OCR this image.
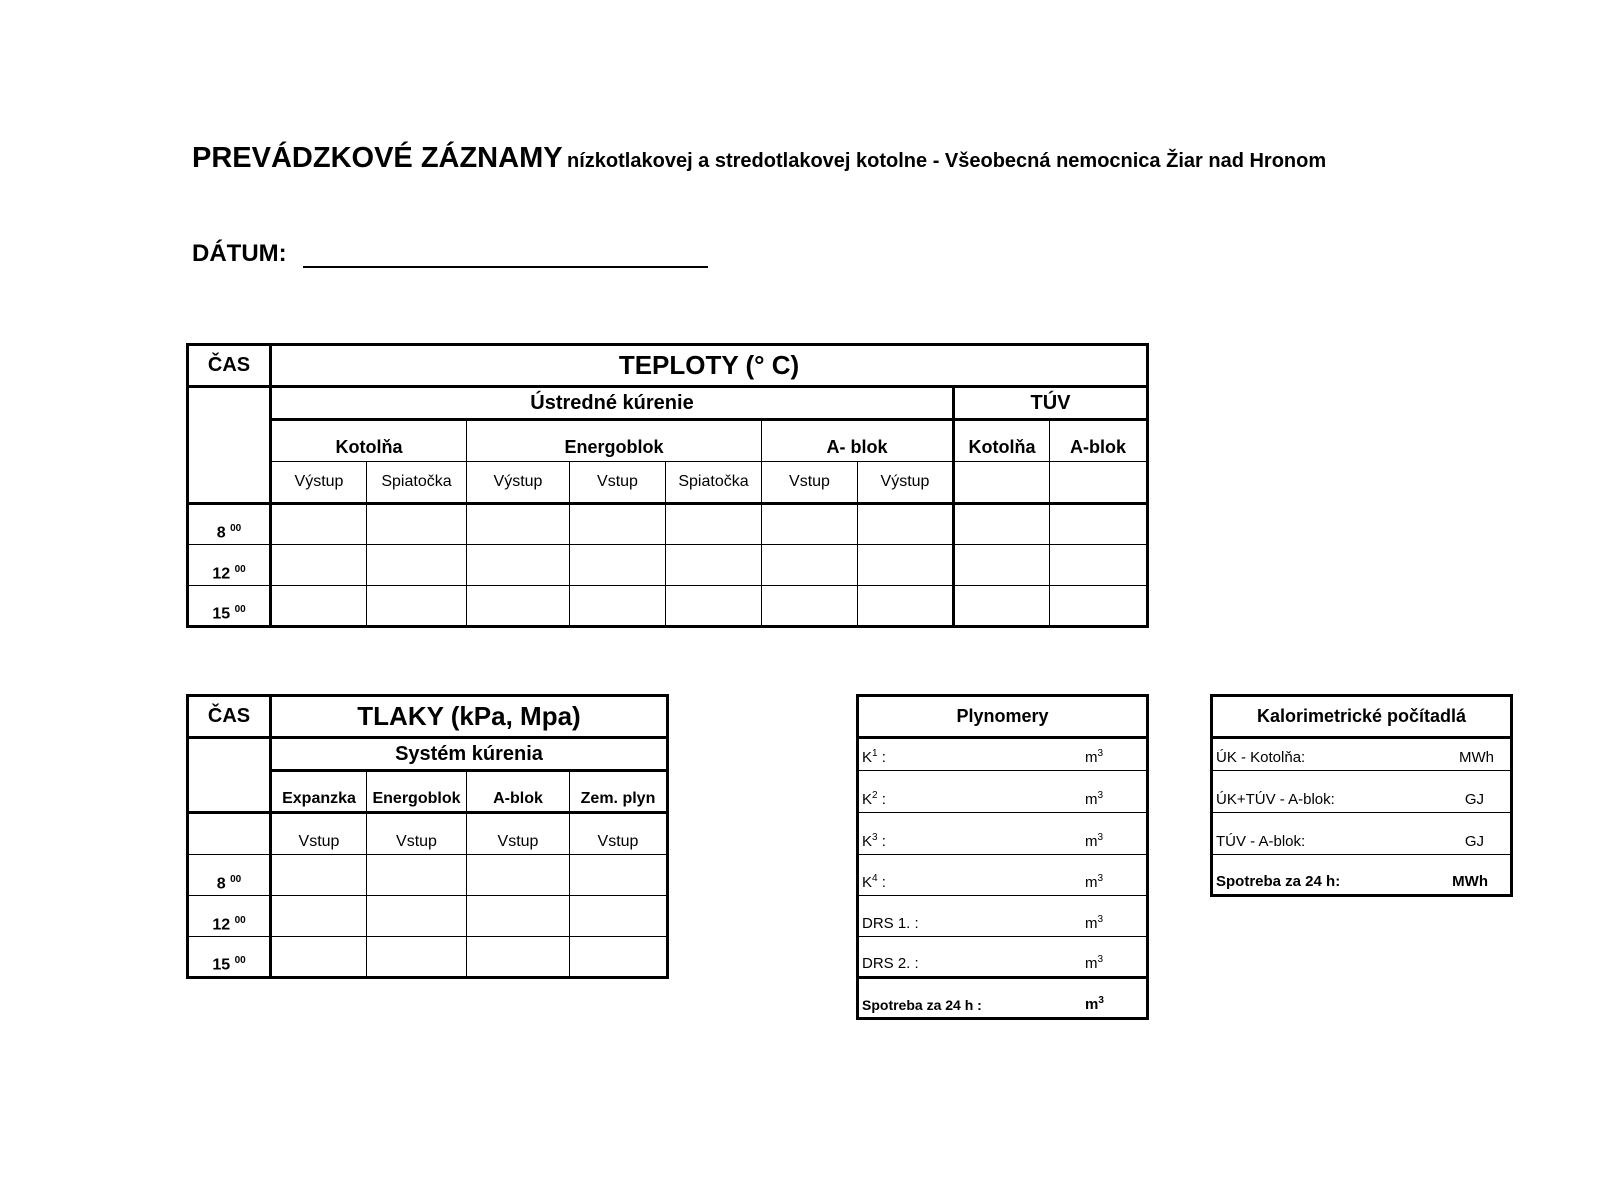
PREVÁDZKOVÉ ZÁZNAMY nízkotlakovej a stredotlakovej kotolne - Všeobecná nemocnica Žiar nad Hronom
DÁTUM:
ČAS	TEPLOTY (° C)								
	Ústredné kúrenie							TÚV	
	Kotolňa		Energoblok			A- blok		Kotolňa	A-blok
	Výstup	Spiatočka	Výstup	Vstup	Spiatočka	Vstup	Výstup		
8 $^{00}$									
12 $^{00}$									
15 $^{00}$									
ČAS	TLAKY (kPa, Mpa)			
	Systém kúrenia			
	Expanzka	Energoblok	A-blok	Zem. plyn
	Vstup	Vstup	Vstup	Vstup
8 $^{00}$				
12 $^{00}$				
15 $^{00}$				
Plynomery

$K^1$ :	$m^3$

$K^2$ :	$m^3$

$K^3$ :	$m^3$

$K^4$ :	$m^3$

DRS 1. :	$m^3$

DRS 2. :	$m^3$

Spotreba za 24 h :	$m^3$
Kalorimetrické počítadlá

ÚK - Kotolňa:	MWh

ÚK+TÚV - A-blok:	GJ

TÚV - A-blok:	GJ

Spotreba za 24 h:	MWh
